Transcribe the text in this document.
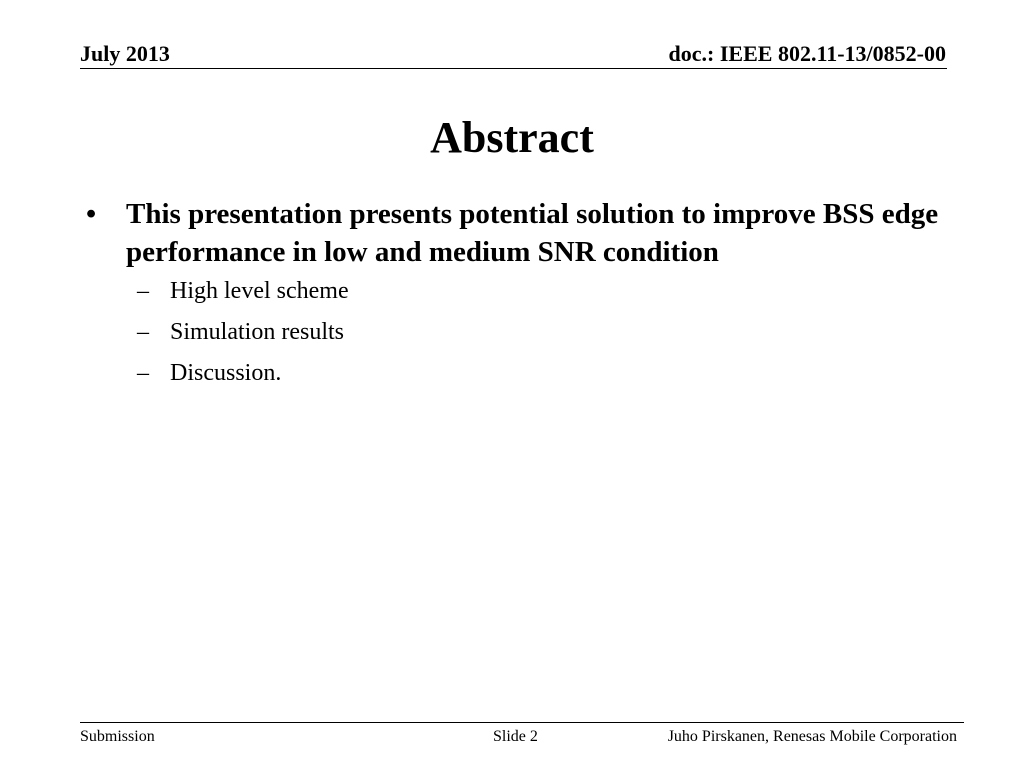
July 2013	doc.: IEEE 802.11-13/0852-00
Abstract
• This presentation presents potential solution to improve BSS edge performance in low and medium SNR condition
– High level scheme
– Simulation results
– Discussion.
Submission	Slide 2	Juho Pirskanen, Renesas Mobile Corporation
